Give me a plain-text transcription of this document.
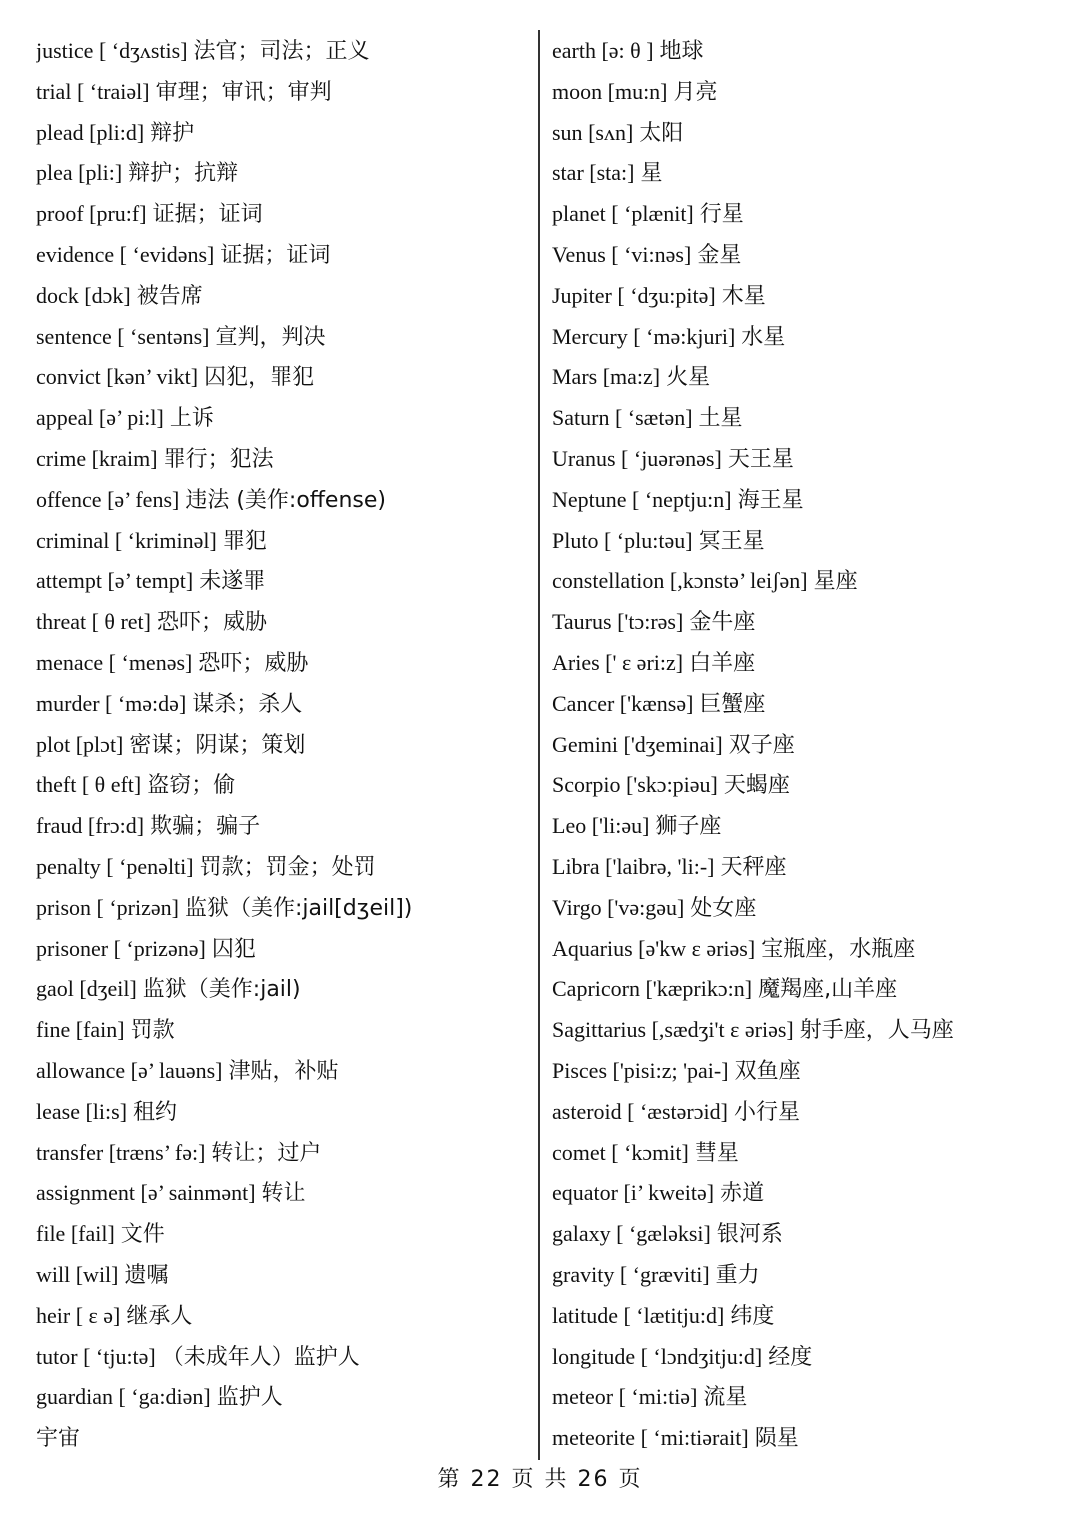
justice [ ‘dʒʌstis] 法官；司法；正义
trial [ ‘traiəl] 审理；审讯；审判
plead [pli:d] 辩护
plea [pli:] 辩护；抗辩
proof [pru:f] 证据；证词
evidence [ ‘evidəns] 证据；证词
dock [dɔk] 被告席
sentence [ ‘sentəns] 宣判，判决
convict [kən’ vikt] 囚犯，罪犯
appeal [ə’ pi:l] 上诉
crime [kraim] 罪行；犯法
offence [ə’ fens] 违法 (美作:offense)
criminal [ ‘kriminəl] 罪犯
attempt [ə’ tempt] 未遂罪
threat [ θ ret] 恐吓；威胁
menace [ ‘menəs] 恐吓；威胁
murder [ ‘mə:də] 谋杀；杀人
plot [plɔt] 密谋；阴谋；策划
theft [ θ eft] 盗窃；偷
fraud [frɔ:d] 欺骗；骗子
penalty [ ‘penəlti] 罚款；罚金；处罚
prison [ ‘prizən] 监狱（美作:jail[dʒeil])
prisoner [ ‘prizənə] 囚犯
gaol [dʒeil] 监狱（美作:jail)
fine [fain] 罚款
allowance [ə’ lauəns] 津贴，补贴
lease [li:s] 租约
transfer [træns’ fə:] 转让；过户
assignment [ə’ sainmənt] 转让
file [fail] 文件
will [wil] 遗嘱
heir [ ε ə] 继承人
tutor [ ‘tju:tə] （未成年人）监护人
guardian [ ‘ga:diən] 监护人
宇宙
earth [ə: θ ] 地球
moon [mu:n] 月亮
sun [sʌn] 太阳
star [sta:] 星
planet [ ‘plænit] 行星
Venus [ ‘vi:nəs] 金星
Jupiter [ ‘dʒu:pitə] 木星
Mercury [ ‘mə:kjuri] 水星
Mars [ma:z] 火星
Saturn [ ‘sætən] 土星
Uranus [ ‘juərənəs] 天王星
Neptune [ ‘neptju:n] 海王星
Pluto [ ‘plu:təu] 冥王星
constellation [,kɔnstə’ leiʃən] 星座
Taurus ['tɔ:rəs] 金牛座
Aries [' ε əri:z] 白羊座
Cancer ['kænsə] 巨蟹座
Gemini ['dʒeminai] 双子座
Scorpio ['skɔ:piəu] 天蝎座
Leo ['li:əu] 狮子座
Libra ['laibrə, 'li:-] 天秤座
Virgo ['və:gəu] 处女座
Aquarius [ə'kw ε əriəs] 宝瓶座，水瓶座
Capricorn ['kæprikɔ:n] 魔羯座,山羊座
Sagittarius [,sædʒi't ε əriəs] 射手座，人马座
Pisces ['pisi:z; 'pai-] 双鱼座
asteroid [ ‘æstərɔid] 小行星
comet [ ‘kɔmit] 彗星
equator [i’ kweitə] 赤道
galaxy [ ‘gæləksi] 银河系
gravity [ ‘græviti] 重力
latitude [ ‘lætitju:d] 纬度
longitude [ ‘lɔndʒitju:d] 经度
meteor [ ‘mi:tiə] 流星
meteorite [ ‘mi:tiərait] 陨星
第 22 页 共 26 页
